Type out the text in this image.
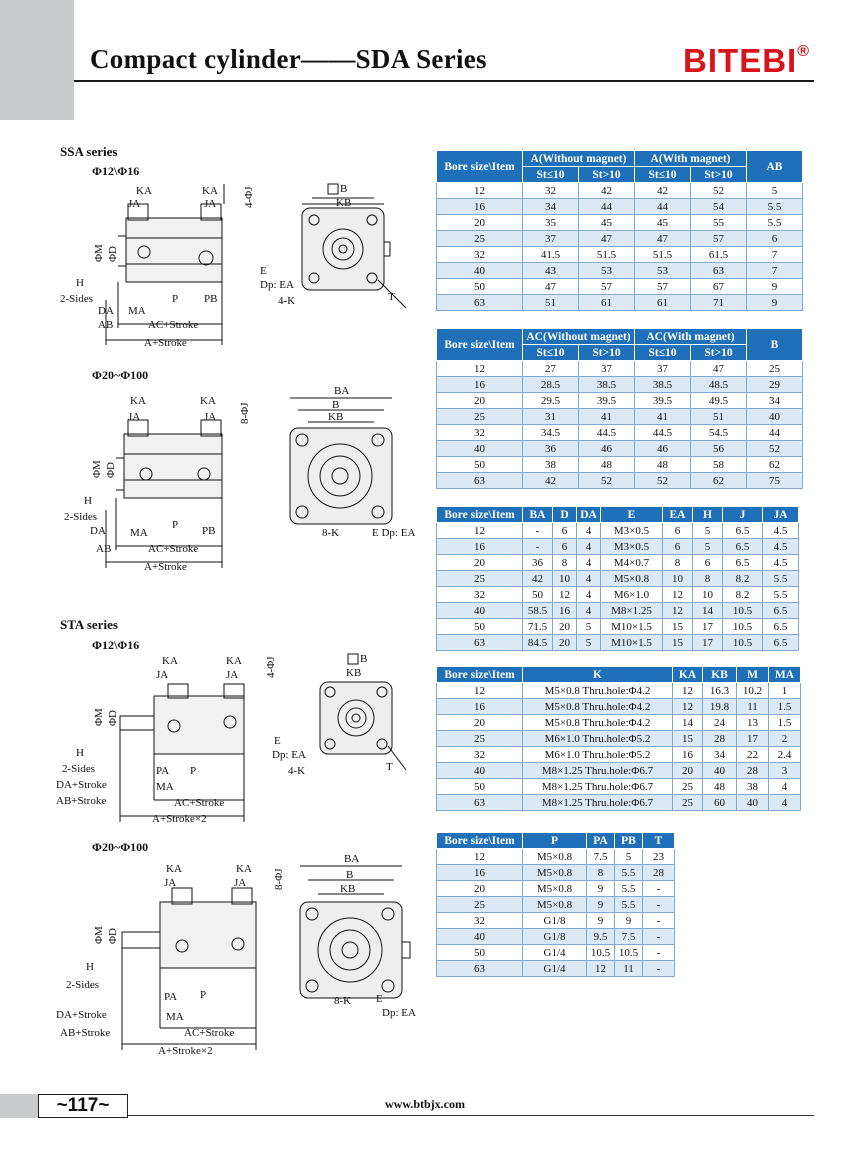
Compact cylinder——SDA Series	BITEBI®
SSA series
Φ12\Φ16
Φ20~Φ100
STA series
Φ12\Φ16
Φ20~Φ100
KA	KA
JA	JA 4-ΦJ
ΦM ΦD
H
2-Sides
DA MA
AB
P PB
AC+Stroke
A+Stroke
B
KB
E
Dp: EA
4-K	T
KA	KA
JA	JA 8-ΦJ
ΦM ΦD
H
2-Sides
DA MA
P PB
AB	AC+Stroke
A+Stroke
BA
B
KB
8-K	E Dp: EA
KA	KA
JA	JA 4-ΦJ
ΦM ΦD
H
2-Sides	PA P
DA+Stroke	MA
AB+Stroke	AC+Stroke
A+Stroke×2
B
KB
E
Dp: EA
4-K	T
KA	KA
JA	JA 8-ΦJ
ΦM ΦD
H
2-Sides
PA P
DA+Stroke	MA
AB+Stroke	AC+Stroke
A+Stroke×2
BA
B
KB
8-K E
Dp: EA
Bore size\Item	A(Without magnet)		A(With magnet)		AB
	St≤10	St>10	St≤10	St>10	
12	32	42	42	52	5
16	34	44	44	54	5.5
20	35	45	45	55	5.5
25	37	47	47	57	6
32	41.5	51.5	51.5	61.5	7
40	43	53	53	63	7
50	47	57	57	67	9
63	51	61	61	71	9
Bore size\Item	AC(Without magnet)		AC(With magnet)		B
	St≤10	St>10	St≤10	St>10	
12	27	37	37	47	25
16	28.5	38.5	38.5	48.5	29
20	29.5	39.5	39.5	49.5	34
25	31	41	41	51	40
32	34.5	44.5	44.5	54.5	44
40	36	46	46	56	52
50	38	48	48	58	62
63	42	52	52	62	75
Bore size\Item	BA	D	DA	E	EA	H	J	JA
12	-	6	4	M3×0.5	6	5	6.5	4.5
16	-	6	4	M3×0.5	6	5	6.5	4.5
20	36	8	4	M4×0.7	8	6	6.5	4.5
25	42	10	4	M5×0.8	10	8	8.2	5.5
32	50	12	4	M6×1.0	12	10	8.2	5.5
40	58.5	16	4	M8×1.25	12	14	10.5	6.5
50	71.5	20	5	M10×1.5	15	17	10.5	6.5
63	84.5	20	5	M10×1.5	15	17	10.5	6.5
Bore size\Item	K	KA	KB	M	MA
12	M5×0.8 Thru.hole:Φ4.2	12	16.3	10.2	1
16	M5×0.8 Thru.hole:Φ4.2	12	19.8	11	1.5
20	M5×0.8 Thru.hole:Φ4.2	14	24	13	1.5
25	M6×1.0 Thru.hole:Φ5.2	15	28	17	2
32	M6×1.0 Thru.hole:Φ5.2	16	34	22	2.4
40	M8×1.25 Thru.hole:Φ6.7	20	40	28	3
50	M8×1.25 Thru.hole:Φ6.7	25	48	38	4
63	M8×1.25 Thru.hole:Φ6.7	25	60	40	4
Bore size\Item	P	PA	PB	T
12	M5×0.8	7.5	5	23
16	M5×0.8	8	5.5	28
20	M5×0.8	9	5.5	-
25	M5×0.8	9	5.5	-
32	G1/8	9	9	-
40	G1/8	9.5	7.5	-
50	G1/4	10.5	10.5	-
63	G1/4	12	11	-
~117~	www.btbjx.com
